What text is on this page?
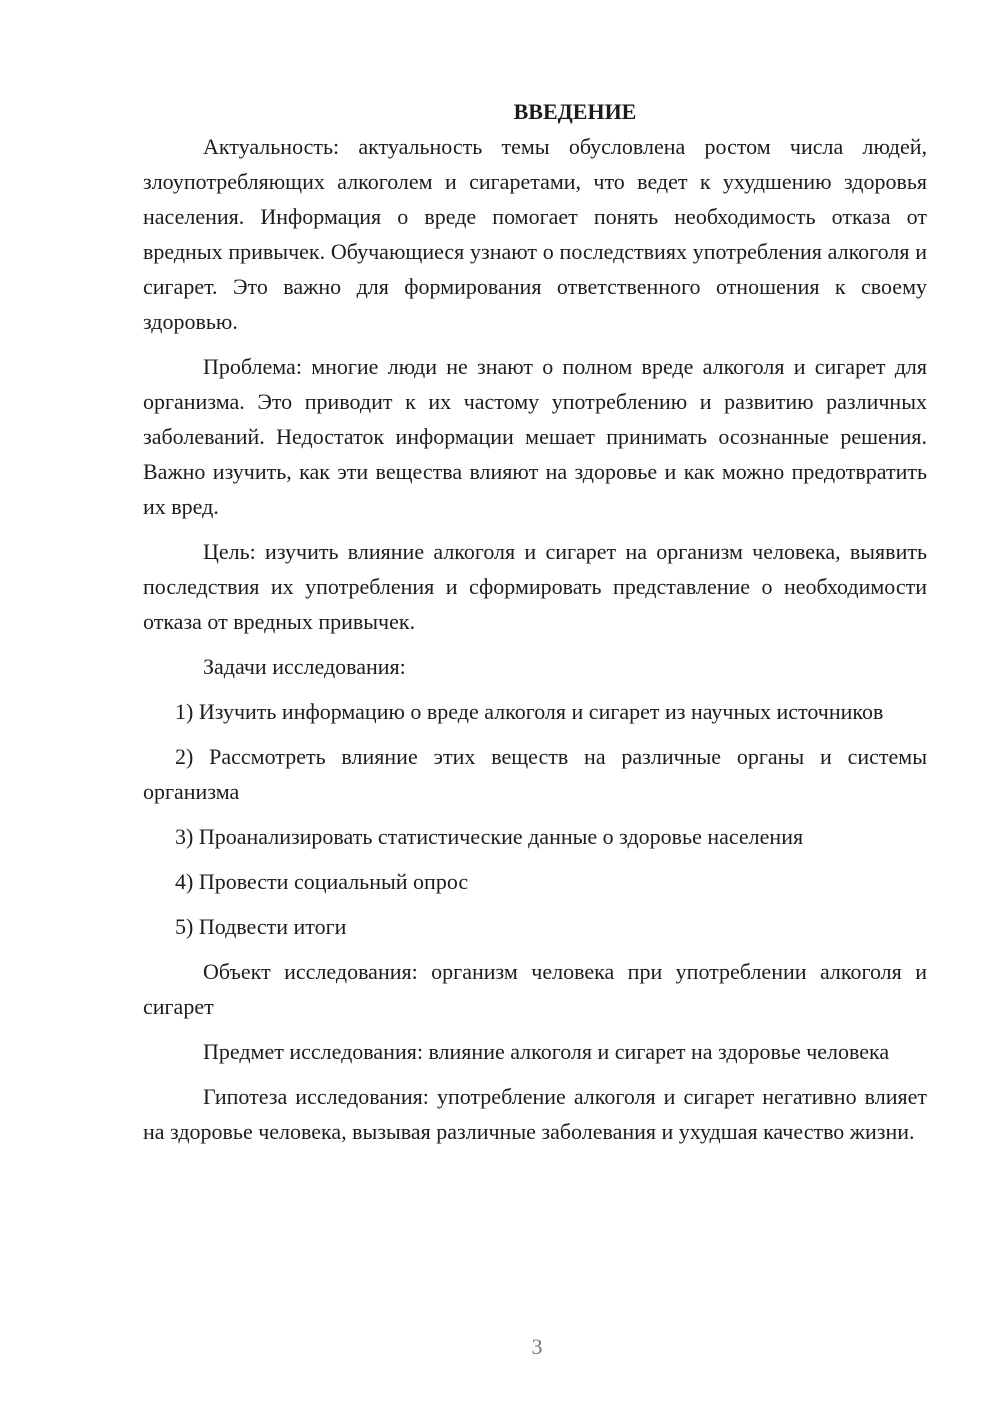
ВВЕДЕНИЕ

Актуальность: актуальность темы обусловлена ростом числа людей, злоупотребляющих алкоголем и сигаретами, что ведет к ухудшению здоровья населения. Информация о вреде помогает понять необходимость отказа от вредных привычек. Обучающиеся узнают о последствиях употребления алкоголя и сигарет. Это важно для формирования ответственного отношения к своему здоровью.

Проблема: многие люди не знают о полном вреде алкоголя и сигарет для организма. Это приводит к их частому употреблению и развитию различных заболеваний. Недостаток информации мешает принимать осознанные решения. Важно изучить, как эти вещества влияют на здоровье и как можно предотвратить их вред.

Цель: изучить влияние алкоголя и сигарет на организм человека, выявить последствия их употребления и сформировать представление о необходимости отказа от вредных привычек.

Задачи исследования:

1) Изучить информацию о вреде алкоголя и сигарет из научных источников

2) Рассмотреть влияние этих веществ на различные органы и системы организма

3) Проанализировать статистические данные о здоровье населения

4) Провести социальный опрос

5) Подвести итоги

Объект исследования: организм человека при употреблении алкоголя и сигарет

Предмет исследования: влияние алкоголя и сигарет на здоровье человека

Гипотеза исследования: употребление алкоголя и сигарет негативно влияет на здоровье человека, вызывая различные заболевания и ухудшая качество жизни.

3
